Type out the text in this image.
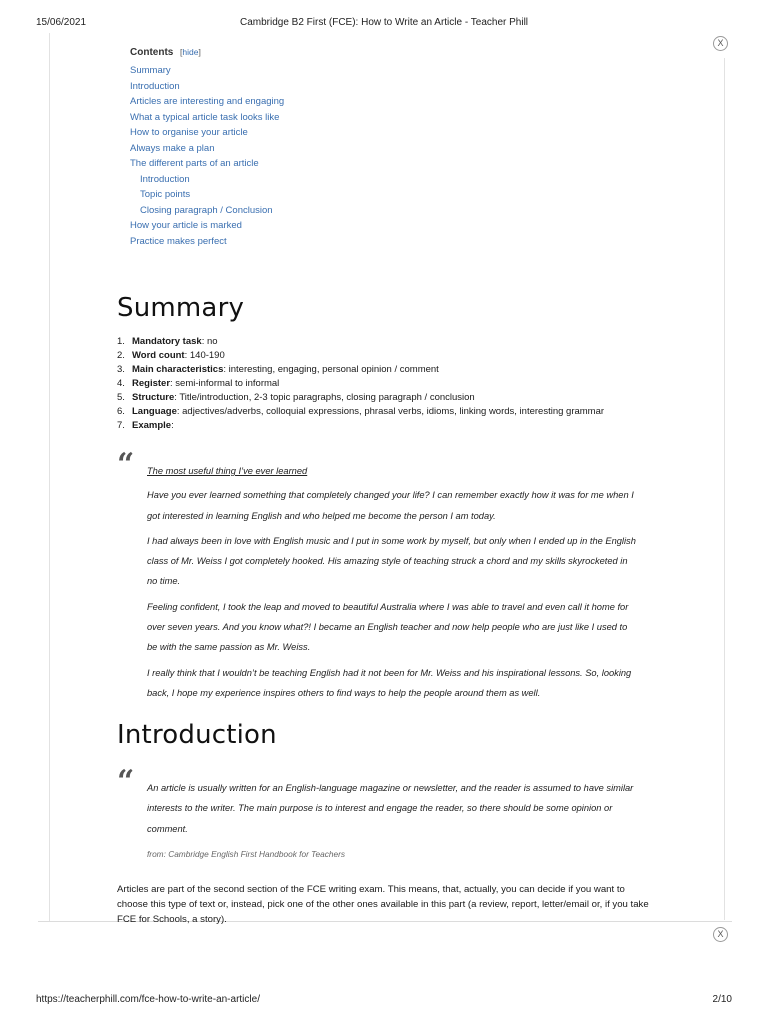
15/06/2021	Cambridge B2 First (FCE): How to Write an Article - Teacher Phill
https://teacherphill.com/fce-how-to-write-an-article/	2/10
X
X
Contents [hide]
Summary
Introduction
Articles are interesting and engaging
What a typical article task looks like
How to organise your article
Always make a plan
The different parts of an article
Introduction
Topic points
Closing paragraph / Conclusion
How your article is marked
Practice makes perfect
Summary
1. Mandatory task: no
2. Word count: 140-190
3. Main characteristics: interesting, engaging, personal opinion / comment
4. Register: semi-informal to informal
5. Structure: Title/introduction, 2-3 topic paragraphs, closing paragraph / conclusion
6. Language: adjectives/adverbs, colloquial expressions, phrasal verbs, idioms, linking words, interesting grammar
7. Example:
“ The most useful thing I’ve ever learned

Have you ever learned something that completely changed your life? I can remember exactly how it was for me when I got interested in learning English and who helped me become the person I am today.

I had always been in love with English music and I put in some work by myself, but only when I ended up in the English class of Mr. Weiss I got completely hooked. His amazing style of teaching struck a chord and my skills skyrocketed in no time.

Feeling confident, I took the leap and moved to beautiful Australia where I was able to travel and even call it home for over seven years. And you know what?! I became an English teacher and now help people who are just like I used to be with the same passion as Mr. Weiss.

I really think that I wouldn’t be teaching English had it not been for Mr. Weiss and his inspirational lessons. So, looking back, I hope my experience inspires others to find ways to help the people around them as well.

Introduction
“ An article is usually written for an English-language magazine or newsletter, and the reader is assumed to have similar interests to the writer. The main purpose is to interest and engage the reader, so there should be some opinion or comment.

from: Cambridge English First Handbook for Teachers

Articles are part of the second section of the FCE writing exam. This means, that, actually, you can decide if you want to choose this type of text or, instead, pick one of the other ones available in this part (a review, report, letter/email or, if you take FCE for Schools, a story).
